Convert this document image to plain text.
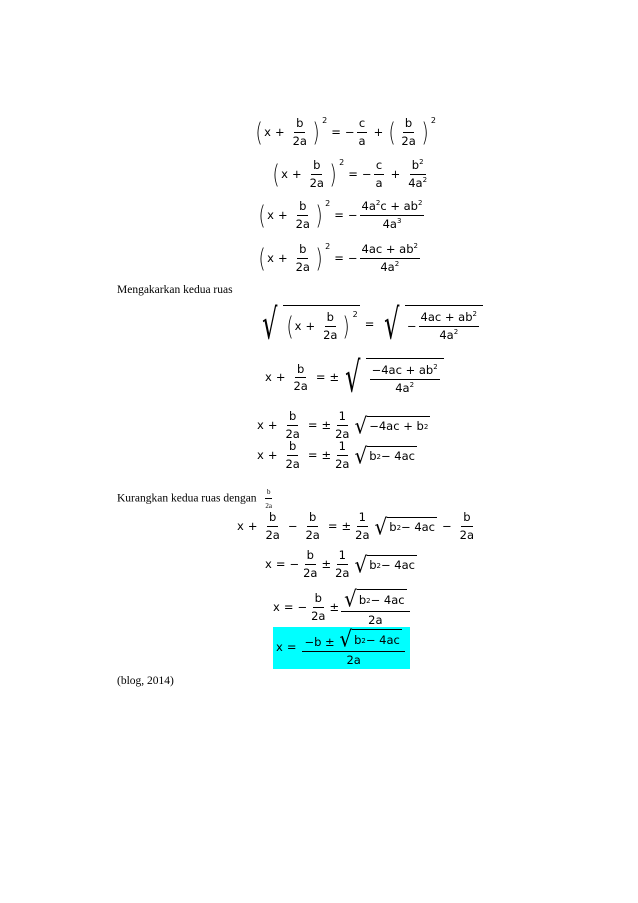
( $x + \frac{b}{2a}$ ) 2
= − $\frac{c}{a}$ + ( $\frac{b}{2a}$ ) 2
( $x + \frac{b}{2a}$ ) 2
= − $\frac{c}{a} + \frac{b^2}{4a^2}$
( $x + \frac{b}{2a}$ ) 2
= − $\frac{4a^2c + ab^2}{4a^3}$
( $x + \frac{b}{2a}$ ) 2
= − $\frac{4ac + ab^2}{4a^2}$
Mengakarkan kedua ruas
√ ( $x + \frac{b}{2a}$ ) 2
= √ − $\frac{4ac + ab^2}{4a^2}$
$x + \frac{b}{2a}$ = ± √ $\frac{-4ac + ab^2}{4a^2}$
$x + \frac{b}{2a}$ = ± $\frac{1}{2a}$ √ −4ac + b 2
$x + \frac{b}{2a}$ = ± $\frac{1}{2a}$ √ b 2 − 4ac
Kurangkan kedua ruas dengan $\frac{b}{2a}$
$x + \frac{b}{2a} - \frac{b}{2a}$ = ± $\frac{1}{2a}$ √ b $2 - 4ac - \frac{b}{2a}$
x = − $\frac{b}{2a} \pm \frac{1}{2a}$ √ b 2 − 4ac
x = − $\frac{b}{2a} \pm \frac{√ b 2 - 4ac}{2a}$
$x = \frac{-b \pm √ b 2 - 4ac}{2a}$
(blog, 2014)
